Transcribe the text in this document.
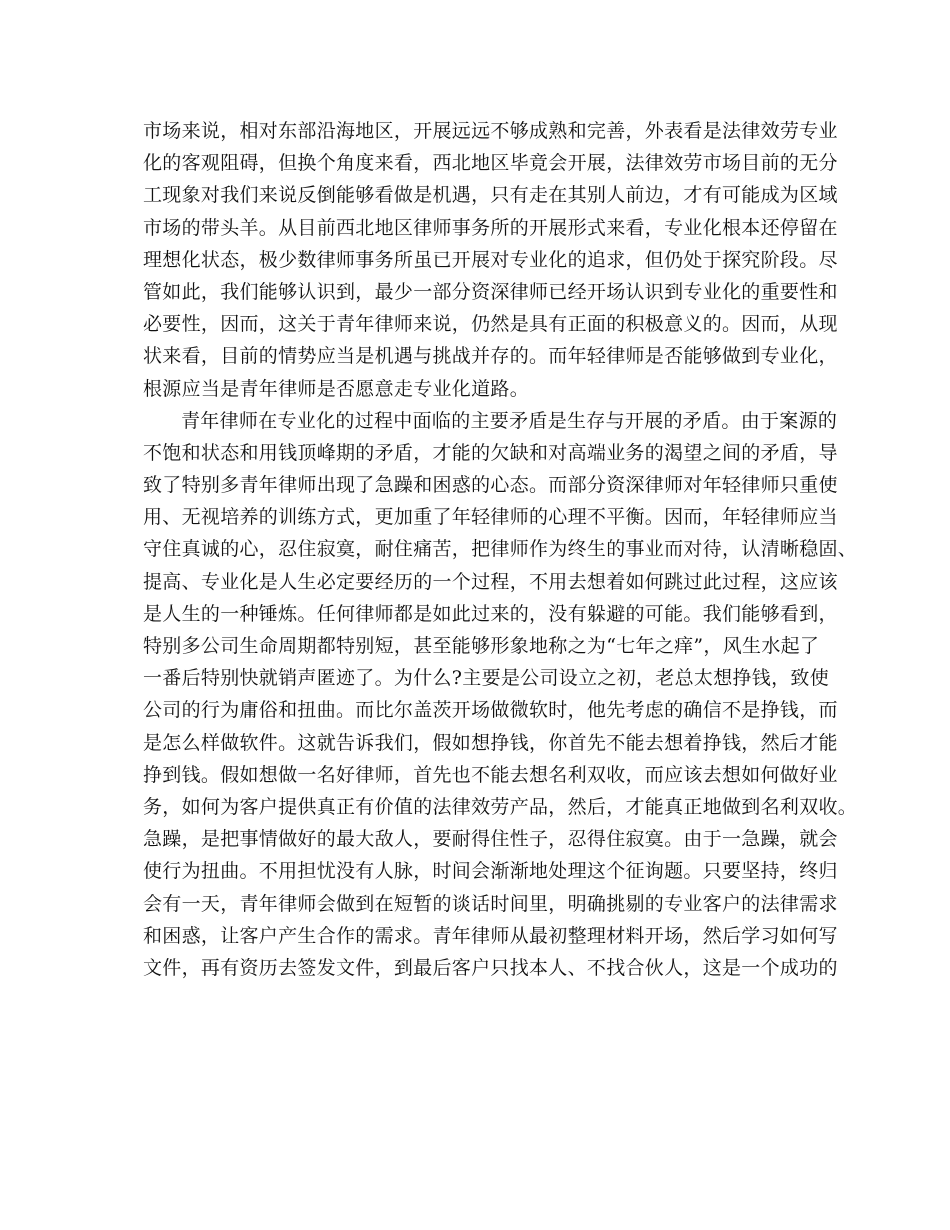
市场来说，相对东部沿海地区，开展远远不够成熟和完善，外表看是法律效劳专业
化的客观阻碍，但换个角度来看，西北地区毕竟会开展，法律效劳市场目前的无分
工现象对我们来说反倒能够看做是机遇，只有走在其别人前边，才有可能成为区域
市场的带头羊。从目前西北地区律师事务所的开展形式来看，专业化根本还停留在
理想化状态，极少数律师事务所虽已开展对专业化的追求，但仍处于探究阶段。尽
管如此，我们能够认识到，最少一部分资深律师已经开场认识到专业化的重要性和
必要性，因而，这关于青年律师来说，仍然是具有正面的积极意义的。因而，从现
状来看，目前的情势应当是机遇与挑战并存的。而年轻律师是否能够做到专业化，
根源应当是青年律师是否愿意走专业化道路。
青年律师在专业化的过程中面临的主要矛盾是生存与开展的矛盾。由于案源的
不饱和状态和用钱顶峰期的矛盾，才能的欠缺和对高端业务的渴望之间的矛盾，导
致了特别多青年律师出现了急躁和困惑的心态。而部分资深律师对年轻律师只重使
用、无视培养的训练方式，更加重了年轻律师的心理不平衡。因而，年轻律师应当
守住真诚的心，忍住寂寞，耐住痛苦，把律师作为终生的事业而对待，认清晰稳固、
提高、专业化是人生必定要经历的一个过程，不用去想着如何跳过此过程，这应该
是人生的一种锤炼。任何律师都是如此过来的，没有躲避的可能。我们能够看到，
特别多公司生命周期都特别短，甚至能够形象地称之为“七年之痒”，风生水起了
一番后特别快就销声匿迹了。为什么?主要是公司设立之初，老总太想挣钱，致使
公司的行为庸俗和扭曲。而比尔盖茨开场做微软时，他先考虑的确信不是挣钱，而
是怎么样做软件。这就告诉我们，假如想挣钱，你首先不能去想着挣钱，然后才能
挣到钱。假如想做一名好律师，首先也不能去想名利双收，而应该去想如何做好业
务，如何为客户提供真正有价值的法律效劳产品，然后，才能真正地做到名利双收。
急躁，是把事情做好的最大敌人，要耐得住性子，忍得住寂寞。由于一急躁，就会
使行为扭曲。不用担忧没有人脉，时间会渐渐地处理这个征询题。只要坚持，终归
会有一天，青年律师会做到在短暂的谈话时间里，明确挑剔的专业客户的法律需求
和困惑，让客户产生合作的需求。青年律师从最初整理材料开场，然后学习如何写
文件，再有资历去签发文件，到最后客户只找本人、不找合伙人，这是一个成功的
